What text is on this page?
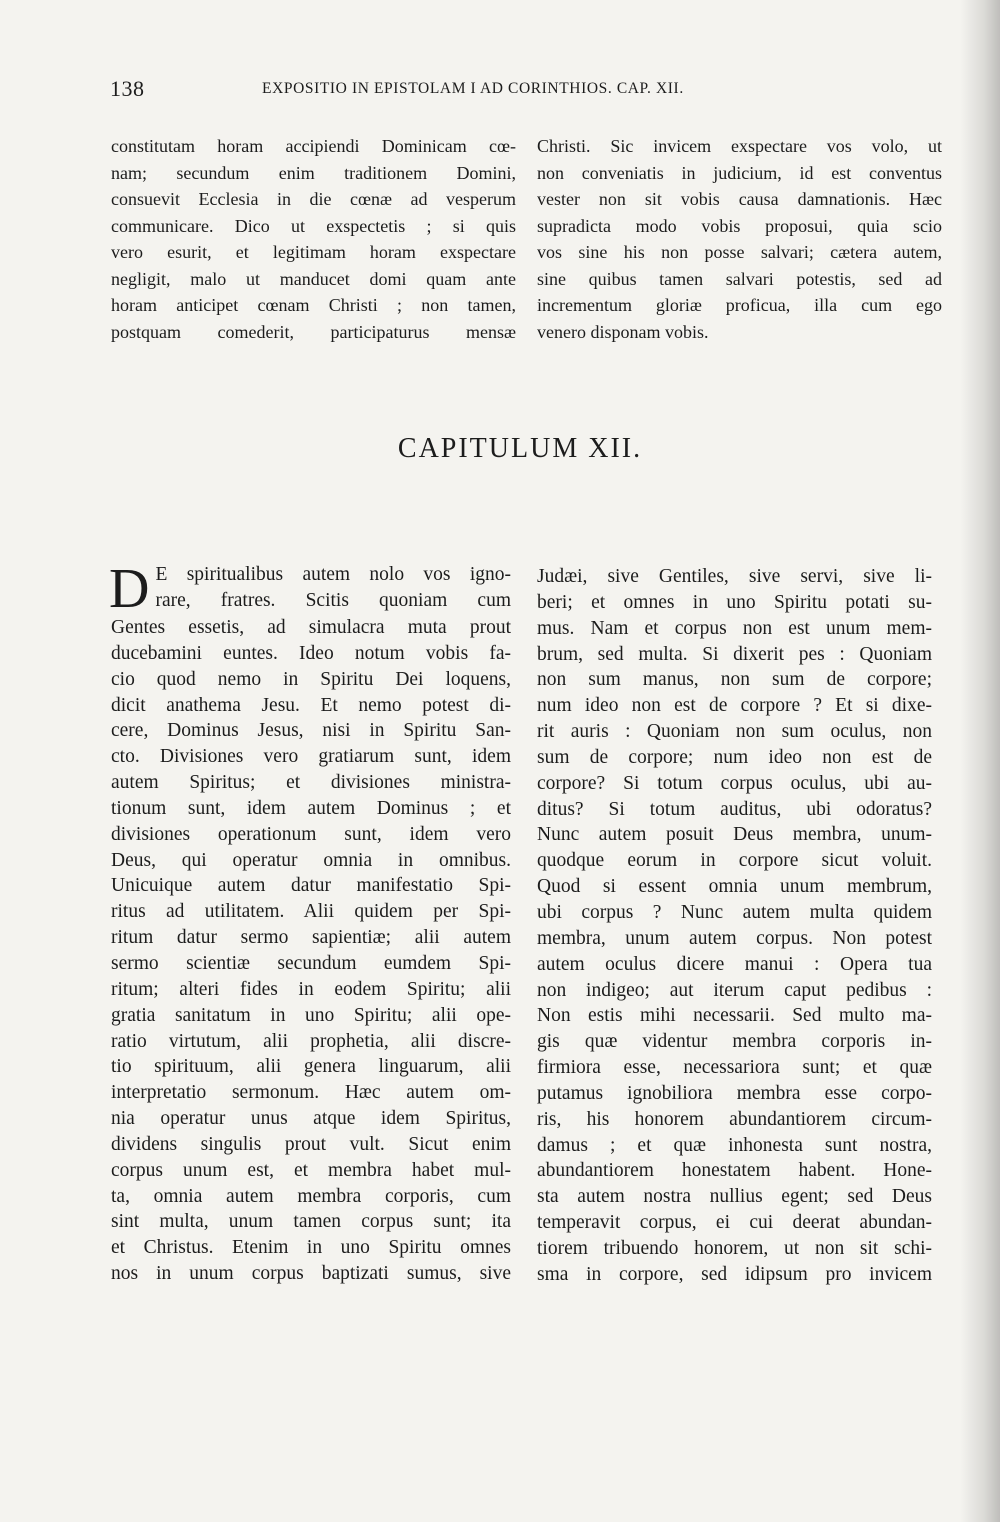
138	EXPOSITIO IN EPISTOLAM I AD CORINTHIOS. CAP. XII.
constitutam horam accipiendi Dominicam cœ-
nam; secundum enim traditionem Domini,
consuevit Ecclesia in die cœnæ ad vesperum
communicare. Dico ut exspectetis ; si quis
vero esurit, et legitimam horam exspectare
negligit, malo ut manducet domi quam ante
horam anticipet cœnam Christi ; non tamen,
postquam comederit, participaturus mensæ
Christi. Sic invicem exspectare vos volo, ut
non conveniatis in judicium, id est conventus
vester non sit vobis causa damnationis. Hæc
supradicta modo vobis proposui, quia scio
vos sine his non posse salvari; cætera autem,
sine quibus tamen salvari potestis, sed ad
incrementum gloriæ proficua, illa cum ego
venero disponam vobis.
CAPITULUM XII.
D E spiritualibus autem nolo vos igno-
rare, fratres. Scitis quoniam cum
Gentes essetis, ad simulacra muta prout
ducebamini euntes. Ideo notum vobis fa-
cio quod nemo in Spiritu Dei loquens,
dicit anathema Jesu. Et nemo potest di-
cere, Dominus Jesus, nisi in Spiritu San-
cto. Divisiones vero gratiarum sunt, idem
autem Spiritus; et divisiones ministra-
tionum sunt, idem autem Dominus ; et
divisiones operationum sunt, idem vero
Deus, qui operatur omnia in omnibus.
Unicuique autem datur manifestatio Spi-
ritus ad utilitatem. Alii quidem per Spi-
ritum datur sermo sapientiæ; alii autem
sermo scientiæ secundum eumdem Spi-
ritum; alteri fides in eodem Spiritu; alii
gratia sanitatum in uno Spiritu; alii ope-
ratio virtutum, alii prophetia, alii discre-
tio spirituum, alii genera linguarum, alii
interpretatio sermonum. Hæc autem om-
nia operatur unus atque idem Spiritus,
dividens singulis prout vult. Sicut enim
corpus unum est, et membra habet mul-
ta, omnia autem membra corporis, cum
sint multa, unum tamen corpus sunt; ita
et Christus. Etenim in uno Spiritu omnes
nos in unum corpus baptizati sumus, sive
Judæi, sive Gentiles, sive servi, sive li-
beri; et omnes in uno Spiritu potati su-
mus. Nam et corpus non est unum mem-
brum, sed multa. Si dixerit pes : Quoniam
non sum manus, non sum de corpore;
num ideo non est de corpore ? Et si dixe-
rit auris : Quoniam non sum oculus, non
sum de corpore; num ideo non est de
corpore? Si totum corpus oculus, ubi au-
ditus? Si totum auditus, ubi odoratus?
Nunc autem posuit Deus membra, unum-
quodque eorum in corpore sicut voluit.
Quod si essent omnia unum membrum,
ubi corpus ? Nunc autem multa quidem
membra, unum autem corpus. Non potest
autem oculus dicere manui : Opera tua
non indigeo; aut iterum caput pedibus :
Non estis mihi necessarii. Sed multo ma-
gis quæ videntur membra corporis in-
firmiora esse, necessariora sunt; et quæ
putamus ignobiliora membra esse corpo-
ris, his honorem abundantiorem circum-
damus ; et quæ inhonesta sunt nostra,
abundantiorem honestatem habent. Hone-
sta autem nostra nullius egent; sed Deus
temperavit corpus, ei cui deerat abundan-
tiorem tribuendo honorem, ut non sit schi-
sma in corpore, sed idipsum pro invicem
